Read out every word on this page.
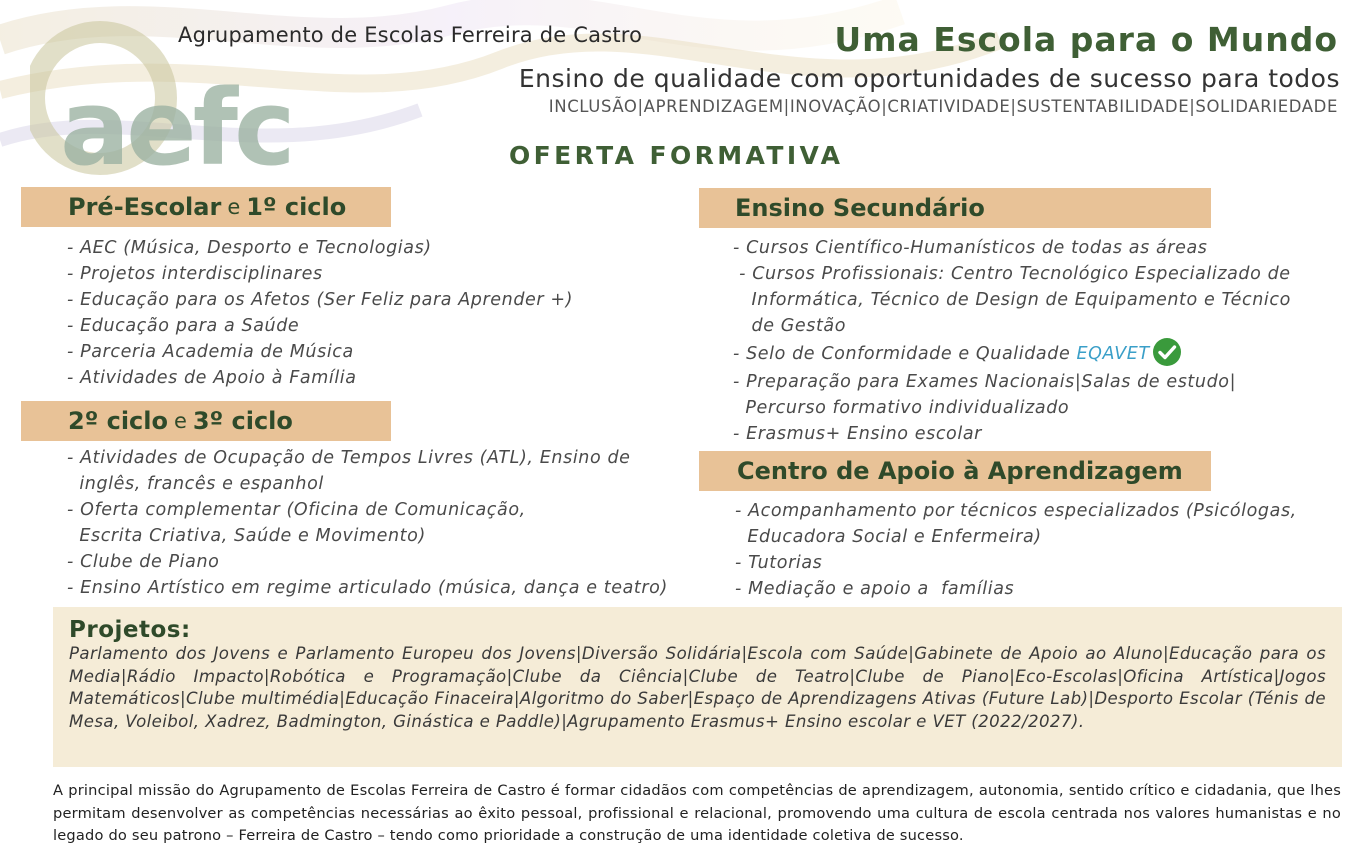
aefc
Agrupamento de Escolas Ferreira de Castro	Uma Escola para o Mundo
Ensino de qualidade com oportunidades de sucesso para todos
INCLUSÃO|APRENDIZAGEM|INOVAÇÃO|CRIATIVIDADE|SUSTENTABILIDADE|SOLIDARIEDADE
OFERTA FORMATIVA
Pré-Escolar e 1º ciclo
- AEC (Música, Desporto e Tecnologias)
- Projetos interdisciplinares
- Educação para os Afetos (Ser Feliz para Aprender +)
- Educação para a Saúde
- Parceria Academia de Música
- Atividades de Apoio à Família
2º ciclo e 3º ciclo
- Atividades de Ocupação de Tempos Livres (ATL), Ensino de
inglês, francês e espanhol
- Oferta complementar (Oficina de Comunicação,
Escrita Criativa, Saúde e Movimento)
- Clube de Piano
- Ensino Artístico em regime articulado (música, dança e teatro)
Ensino Secundário
- Cursos Científico-Humanísticos de todas as áreas
- Cursos Profissionais: Centro Tecnológico Especializado de
Informática, Técnico de Design de Equipamento e Técnico
de Gestão
- Selo de Conformidade e Qualidade EQAVET
- Preparação para Exames Nacionais|Salas de estudo|
Percurso formativo individualizado
- Erasmus+ Ensino escolar
Centro de Apoio à Aprendizagem
- Acompanhamento por técnicos especializados (Psicólogas,
Educadora Social e Enfermeira)
- Tutorias
- Mediação e apoio a  famílias
Projetos:
Parlamento dos Jovens e Parlamento Europeu dos Jovens|Diversão Solidária|Escola com Saúde|Gabinete de Apoio ao Aluno|Educação para os Media|Rádio Impacto|Robótica e Programação|Clube da Ciência|Clube de Teatro|Clube de Piano|Eco-Escolas|Oficina Artística|Jogos Matemáticos|Clube multimédia|Educação Finaceira|Algoritmo do Saber|Espaço de Aprendizagens Ativas (Future Lab)|Desporto Escolar (Ténis de Mesa, Voleibol, Xadrez, Badmington, Ginástica e Paddle)|Agrupamento Erasmus+ Ensino escolar e VET (2022/2027).
A principal missão do Agrupamento de Escolas Ferreira de Castro é formar cidadãos com competências de aprendizagem, autonomia, sentido crítico e cidadania, que lhes permitam desenvolver as competências necessárias ao êxito pessoal, profissional e relacional, promovendo uma cultura de escola centrada nos valores humanistas e no legado do seu patrono – Ferreira de Castro – tendo como prioridade a construção de uma identidade coletiva de sucesso.
